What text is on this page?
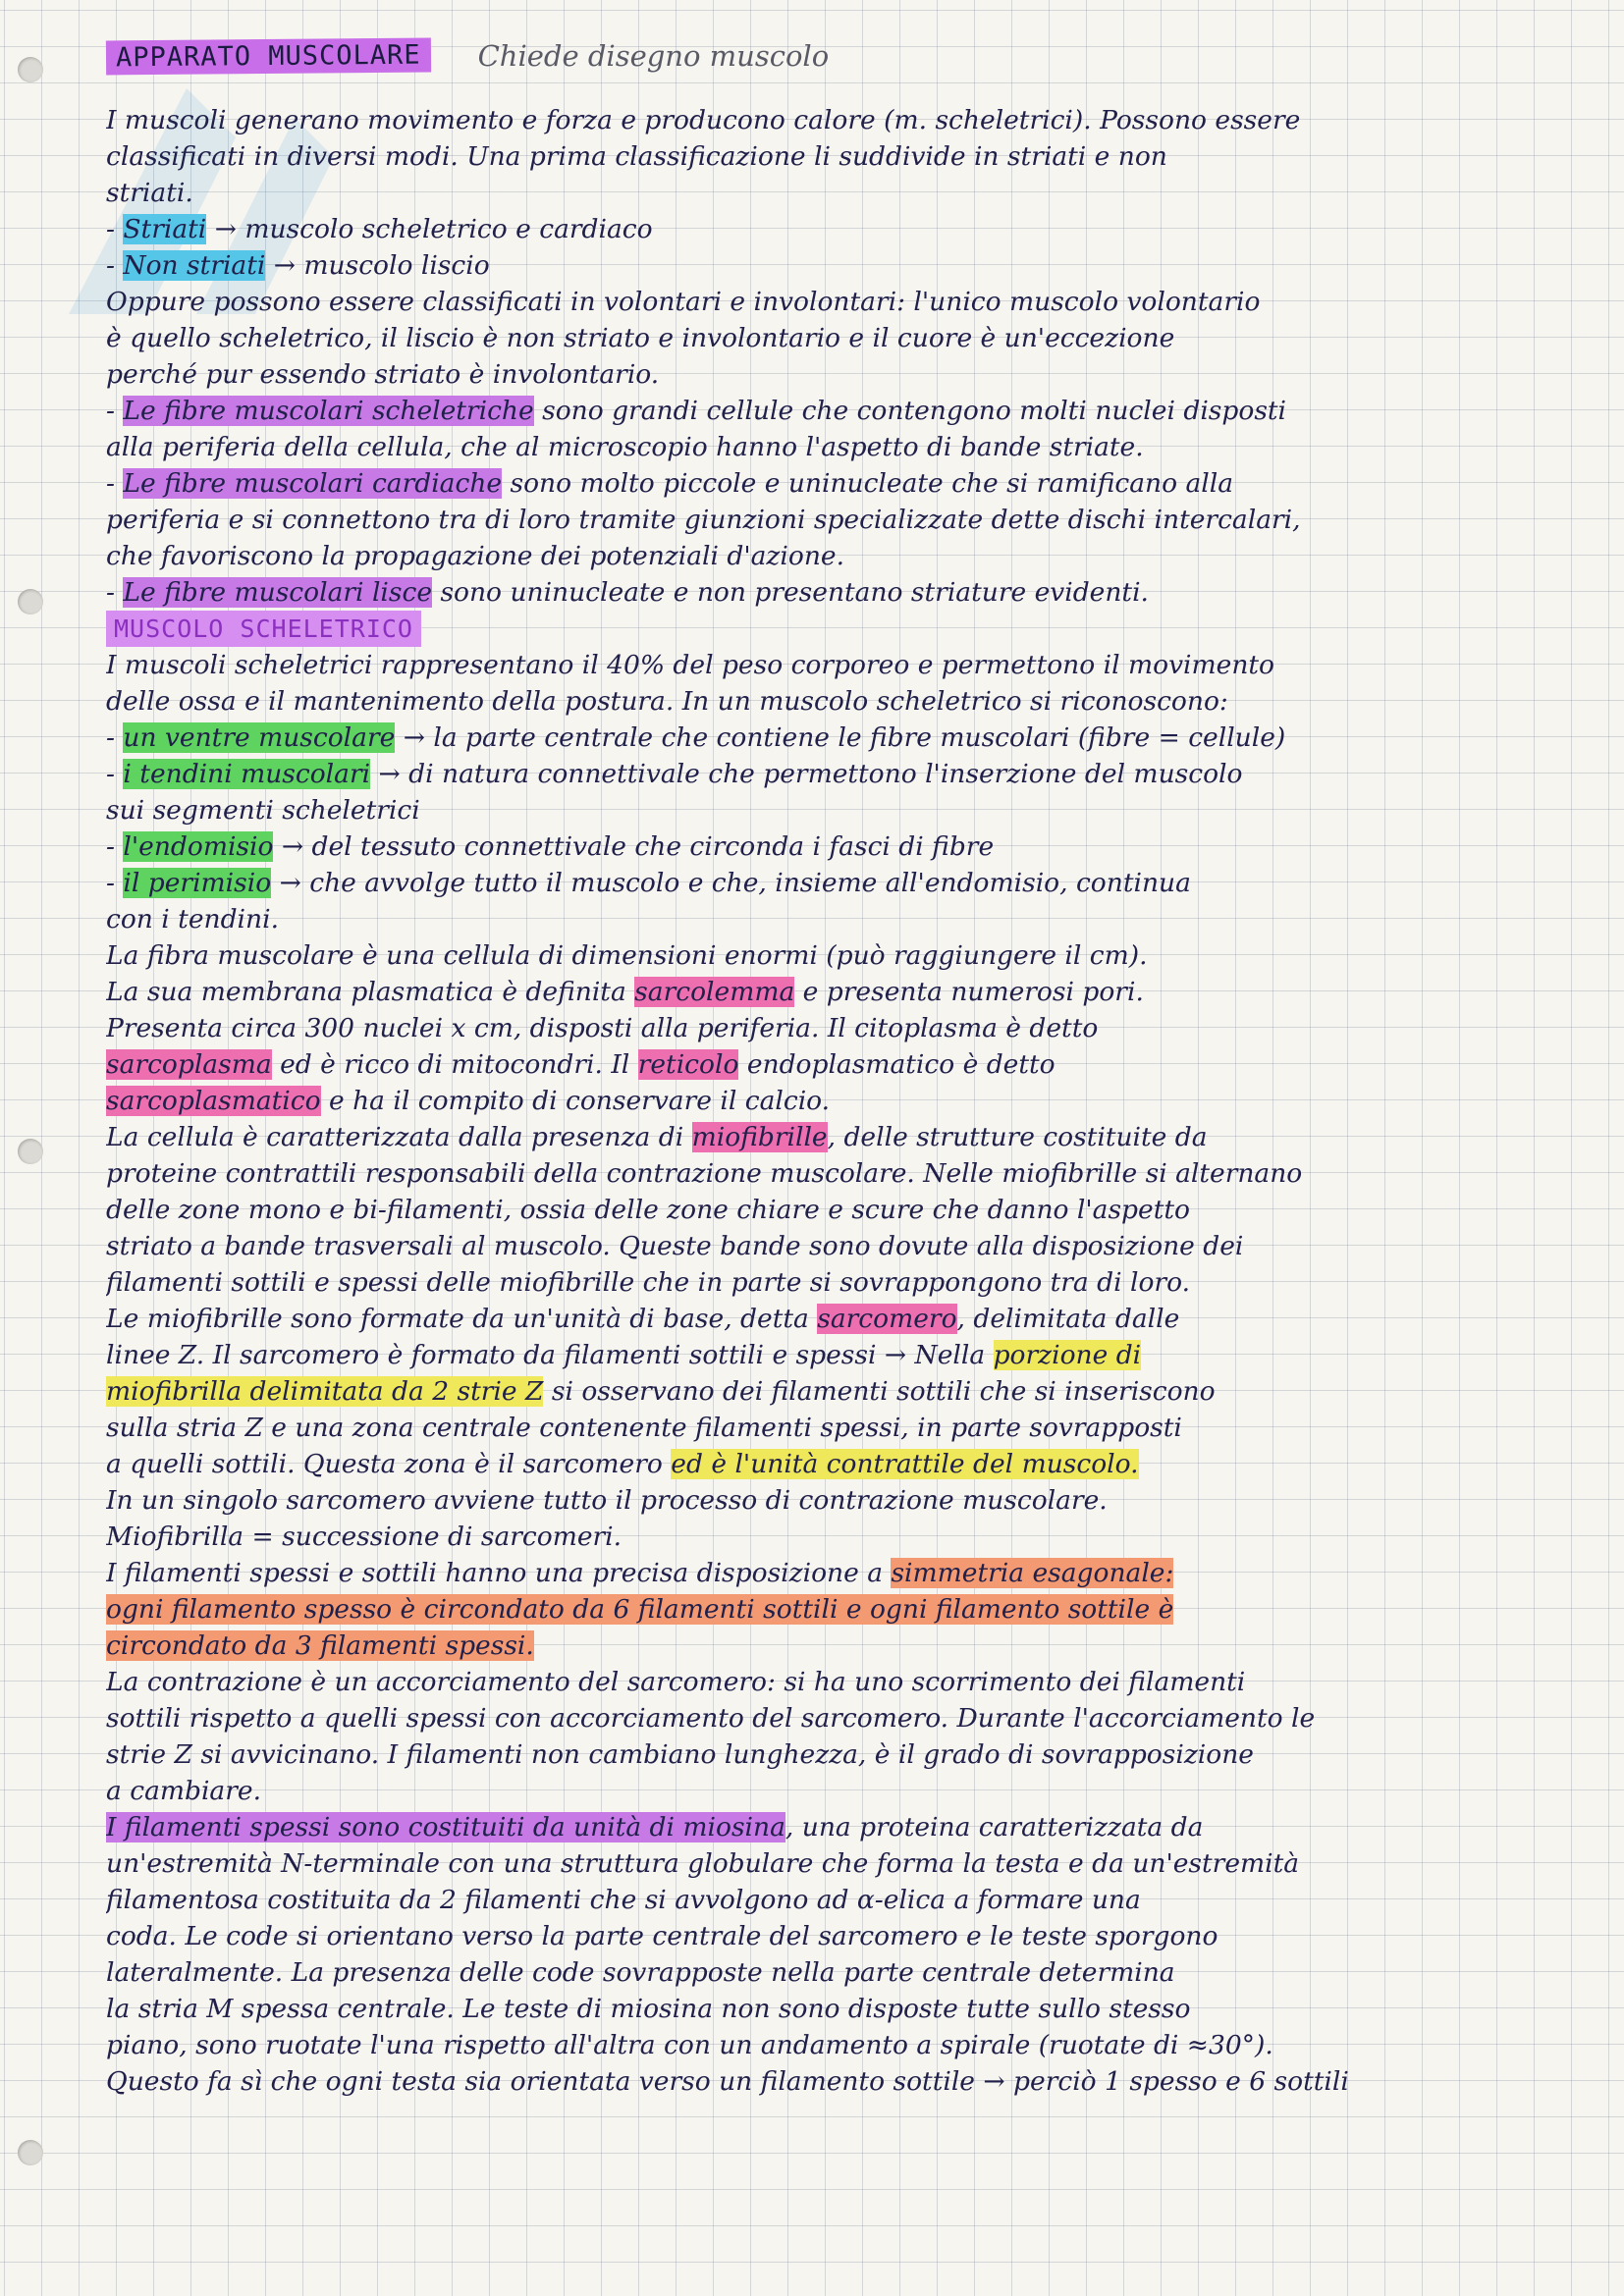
APPARATO MUSCOLARE	Chiede disegno muscolo
I muscoli generano movimento e forza e producono calore (m. scheletrici). Possono essere
classificati in diversi modi. Una prima classificazione li suddivide in striati e non
striati.
- Striati → muscolo scheletrico e cardiaco
- Non striati → muscolo liscio
Oppure possono essere classificati in volontari e involontari: l'unico muscolo volontario
è quello scheletrico, il liscio è non striato e involontario e il cuore è un'eccezione
perché pur essendo striato è involontario.
- Le fibre muscolari scheletriche sono grandi cellule che contengono molti nuclei disposti
alla periferia della cellula, che al microscopio hanno l'aspetto di bande striate.
- Le fibre muscolari cardiache sono molto piccole e uninucleate che si ramificano alla
periferia e si connettono tra di loro tramite giunzioni specializzate dette dischi intercalari,
che favoriscono la propagazione dei potenziali d'azione.
- Le fibre muscolari lisce sono uninucleate e non presentano striature evidenti.
MUSCOLO SCHELETRICO
I muscoli scheletrici rappresentano il 40% del peso corporeo e permettono il movimento
delle ossa e il mantenimento della postura. In un muscolo scheletrico si riconoscono:
- un ventre muscolare → la parte centrale che contiene le fibre muscolari (fibre = cellule)
- i tendini muscolari → di natura connettivale che permettono l'inserzione del muscolo
sui segmenti scheletrici
- l'endomisio → del tessuto connettivale che circonda i fasci di fibre
- il perimisio → che avvolge tutto il muscolo e che, insieme all'endomisio, continua
con i tendini.
La fibra muscolare è una cellula di dimensioni enormi (può raggiungere il cm).
La sua membrana plasmatica è definita sarcolemma e presenta numerosi pori.
Presenta circa 300 nuclei x cm, disposti alla periferia. Il citoplasma è detto
sarcoplasma ed è ricco di mitocondri. Il reticolo endoplasmatico è detto
sarcoplasmatico e ha il compito di conservare il calcio.
La cellula è caratterizzata dalla presenza di miofibrille, delle strutture costituite da
proteine contrattili responsabili della contrazione muscolare. Nelle miofibrille si alternano
delle zone mono e bi-filamenti, ossia delle zone chiare e scure che danno l'aspetto
striato a bande trasversali al muscolo. Queste bande sono dovute alla disposizione dei
filamenti sottili e spessi delle miofibrille che in parte si sovrappongono tra di loro.
Le miofibrille sono formate da un'unità di base, detta sarcomero, delimitata dalle
linee Z. Il sarcomero è formato da filamenti sottili e spessi → Nella porzione di
miofibrilla delimitata da 2 strie Z si osservano dei filamenti sottili che si inseriscono
sulla stria Z e una zona centrale contenente filamenti spessi, in parte sovrapposti
a quelli sottili. Questa zona è il sarcomero ed è l'unità contrattile del muscolo.
In un singolo sarcomero avviene tutto il processo di contrazione muscolare.
Miofibrilla = successione di sarcomeri.
I filamenti spessi e sottili hanno una precisa disposizione a simmetria esagonale:
ogni filamento spesso è circondato da 6 filamenti sottili e ogni filamento sottile è
circondato da 3 filamenti spessi.
La contrazione è un accorciamento del sarcomero: si ha uno scorrimento dei filamenti
sottili rispetto a quelli spessi con accorciamento del sarcomero. Durante l'accorciamento le
strie Z si avvicinano. I filamenti non cambiano lunghezza, è il grado di sovrapposizione
a cambiare.
I filamenti spessi sono costituiti da unità di miosina, una proteina caratterizzata da
un'estremità N-terminale con una struttura globulare che forma la testa e da un'estremità
filamentosa costituita da 2 filamenti che si avvolgono ad α-elica a formare una
coda. Le code si orientano verso la parte centrale del sarcomero e le teste sporgono
lateralmente. La presenza delle code sovrapposte nella parte centrale determina
la stria M spessa centrale. Le teste di miosina non sono disposte tutte sullo stesso
piano, sono ruotate l'una rispetto all'altra con un andamento a spirale (ruotate di ≈30°).
Questo fa sì che ogni testa sia orientata verso un filamento sottile → perciò 1 spesso e 6 sottili
